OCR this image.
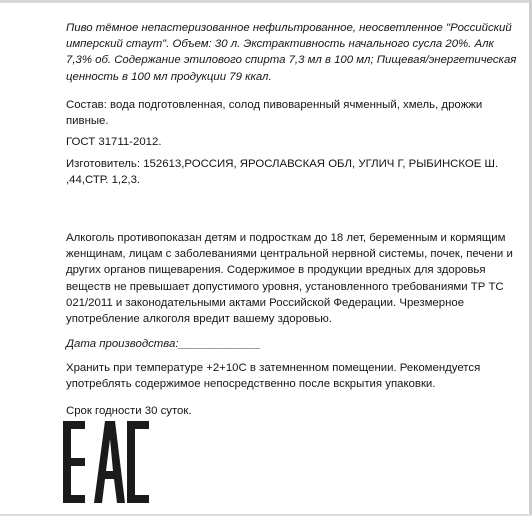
Пиво тёмное непастеризованное нефильтрованное, неосветленное "Российский имперский стаут". Объем: 30 л. Экстрактивность начального сусла 20%. Алк 7,3% об. Содержание этилового спирта 7,3 мл в 100 мл; Пищевая/энергетическая ценность в 100 мл продукции 79 ккал.
Состав: вода подготовленная, солод пивоваренный ячменный, хмель, дрожжи пивные.
ГОСТ 31711-2012.
Изготовитель: 152613,РОССИЯ, ЯРОСЛАВСКАЯ ОБЛ, УГЛИЧ Г, РЫБИНСКОЕ Ш. ,44,СТР. 1,2,3.
Алкоголь противопоказан детям и подросткам до 18 лет, беременным и кормящим женщинам, лицам с заболеваниями центральной нервной системы, почек, печени и других органов пищеварения. Содержимое в продукции вредных для здоровья веществ не превышает допустимого уровня, установленного требованиями ТР ТС 021/2011 и законодательными актами Российской Федерации. Чрезмерное употребление алкоголя вредит вашему здоровью.
Дата производства:_____________
Хранить при температуре +2+10С в затемненном помещении. Рекомендуется употреблять содержимое непосредственно после вскрытия упаковки.
Срок годности 30 суток.
